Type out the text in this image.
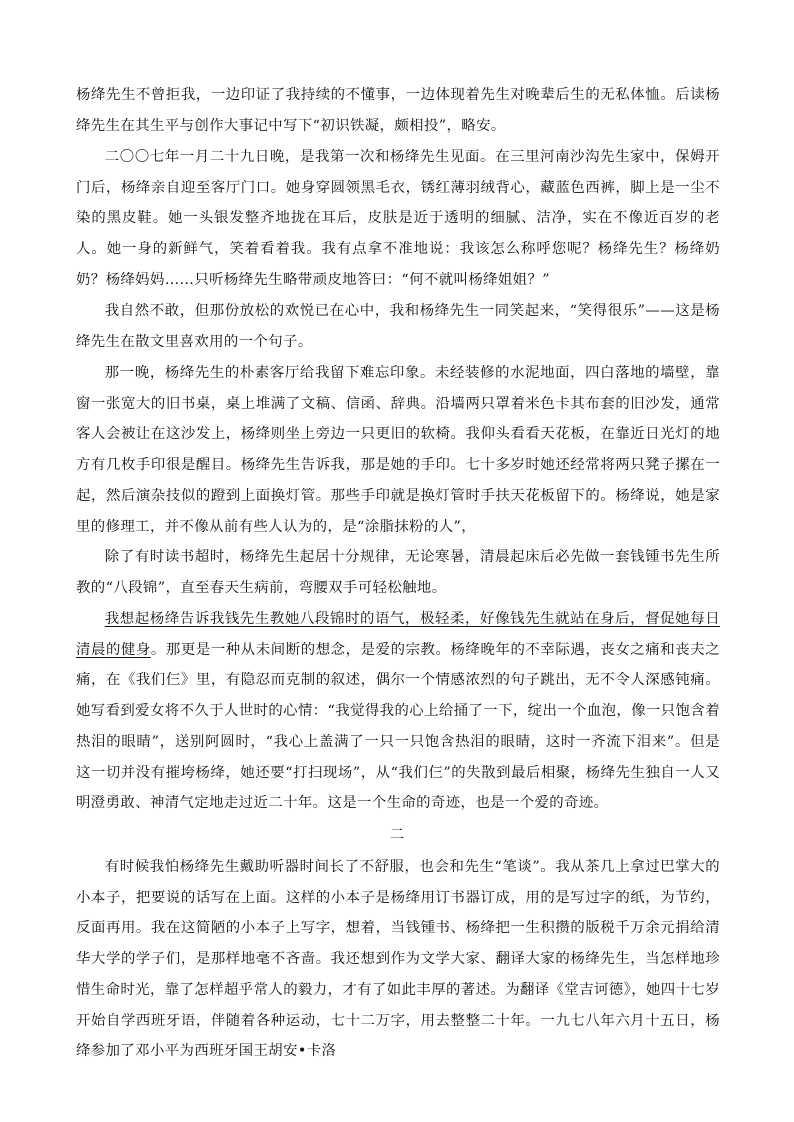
杨绛先生不曾拒我，一边印证了我持续的不懂事，一边体现着先生对晚辈后生的无私体恤。后读杨绛先生在其生平与创作大事记中写下“初识铁凝，颇相投”，略安。

二〇〇七年一月二十九日晚，是我第一次和杨绛先生见面。在三里河南沙沟先生家中，保姆开门后，杨绛亲自迎至客厅门口。她身穿圆领黑毛衣，锈红薄羽绒背心，藏蓝色西裤，脚上是一尘不染的黑皮鞋。她一头银发整齐地拢在耳后，皮肤是近于透明的细腻、洁净，实在不像近百岁的老人。她一身的新鲜气，笑着看着我。我有点拿不准地说：我该怎么称呼您呢？杨绛先生？杨绛奶奶？杨绛妈妈……只听杨绛先生略带顽皮地答曰：“何不就叫杨绛姐姐？”

我自然不敢，但那份放松的欢悦已在心中，我和杨绛先生一同笑起来，“笑得很乐”——这是杨绛先生在散文里喜欢用的一个句子。

那一晚，杨绛先生的朴素客厅给我留下难忘印象。未经装修的水泥地面，四白落地的墙壁，靠窗一张宽大的旧书桌，桌上堆满了文稿、信函、辞典。沿墙两只罩着米色卡其布套的旧沙发，通常客人会被让在这沙发上，杨绛则坐上旁边一只更旧的软椅。我仰头看看天花板，在靠近日光灯的地方有几枚手印很是醒目。杨绛先生告诉我，那是她的手印。七十多岁时她还经常将两只凳子摞在一起，然后演杂技似的蹬到上面换灯管。那些手印就是换灯管时手扶天花板留下的。杨绛说，她是家里的修理工，并不像从前有些人认为的，是“涂脂抹粉的人”，

除了有时读书超时，杨绛先生起居十分规律，无论寒暑，清晨起床后必先做一套钱锺书先生所教的“八段锦”，直至春天生病前，弯腰双手可轻松触地。

我想起杨绛告诉我钱先生教她八段锦时的语气，极轻柔，好像钱先生就站在身后，督促她每日清晨的健身。那更是一种从未间断的想念，是爱的宗教。杨绛晚年的不幸际遇，丧女之痛和丧夫之痛，在《我们仨》里，有隐忍而克制的叙述，偶尔一个情感浓烈的句子跳出，无不令人深感钝痛。她写看到爱女将不久于人世时的心情：“我觉得我的心上给捅了一下，绽出一个血泡，像一只饱含着热泪的眼睛”，送别阿圆时，“我心上盖满了一只一只饱含热泪的眼睛，这时一齐流下泪来”。但是这一切并没有摧垮杨绛，她还要“打扫现场”，从“我们仨”的失散到最后相聚，杨绛先生独自一人又明澄勇敢、神清气定地走过近二十年。这是一个生命的奇迹，也是一个爱的奇迹。

二

有时候我怕杨绛先生戴助听器时间长了不舒服，也会和先生“笔谈”。我从茶几上拿过巴掌大的小本子，把要说的话写在上面。这样的小本子是杨绛用订书器订成，用的是写过字的纸，为节约，反面再用。我在这简陋的小本子上写字，想着，当钱锺书、杨绛把一生积攒的版税千万余元捐给清华大学的学子们，是那样地毫不吝啬。我还想到作为文学大家、翻译大家的杨绛先生，当怎样地珍惜生命时光，靠了怎样超乎常人的毅力，才有了如此丰厚的著述。为翻译《堂吉诃德》，她四十七岁开始自学西班牙语，伴随着各种运动，七十二万字，用去整整二十年。一九七八年六月十五日，杨绛参加了邓小平为西班牙国王胡安•卡洛
